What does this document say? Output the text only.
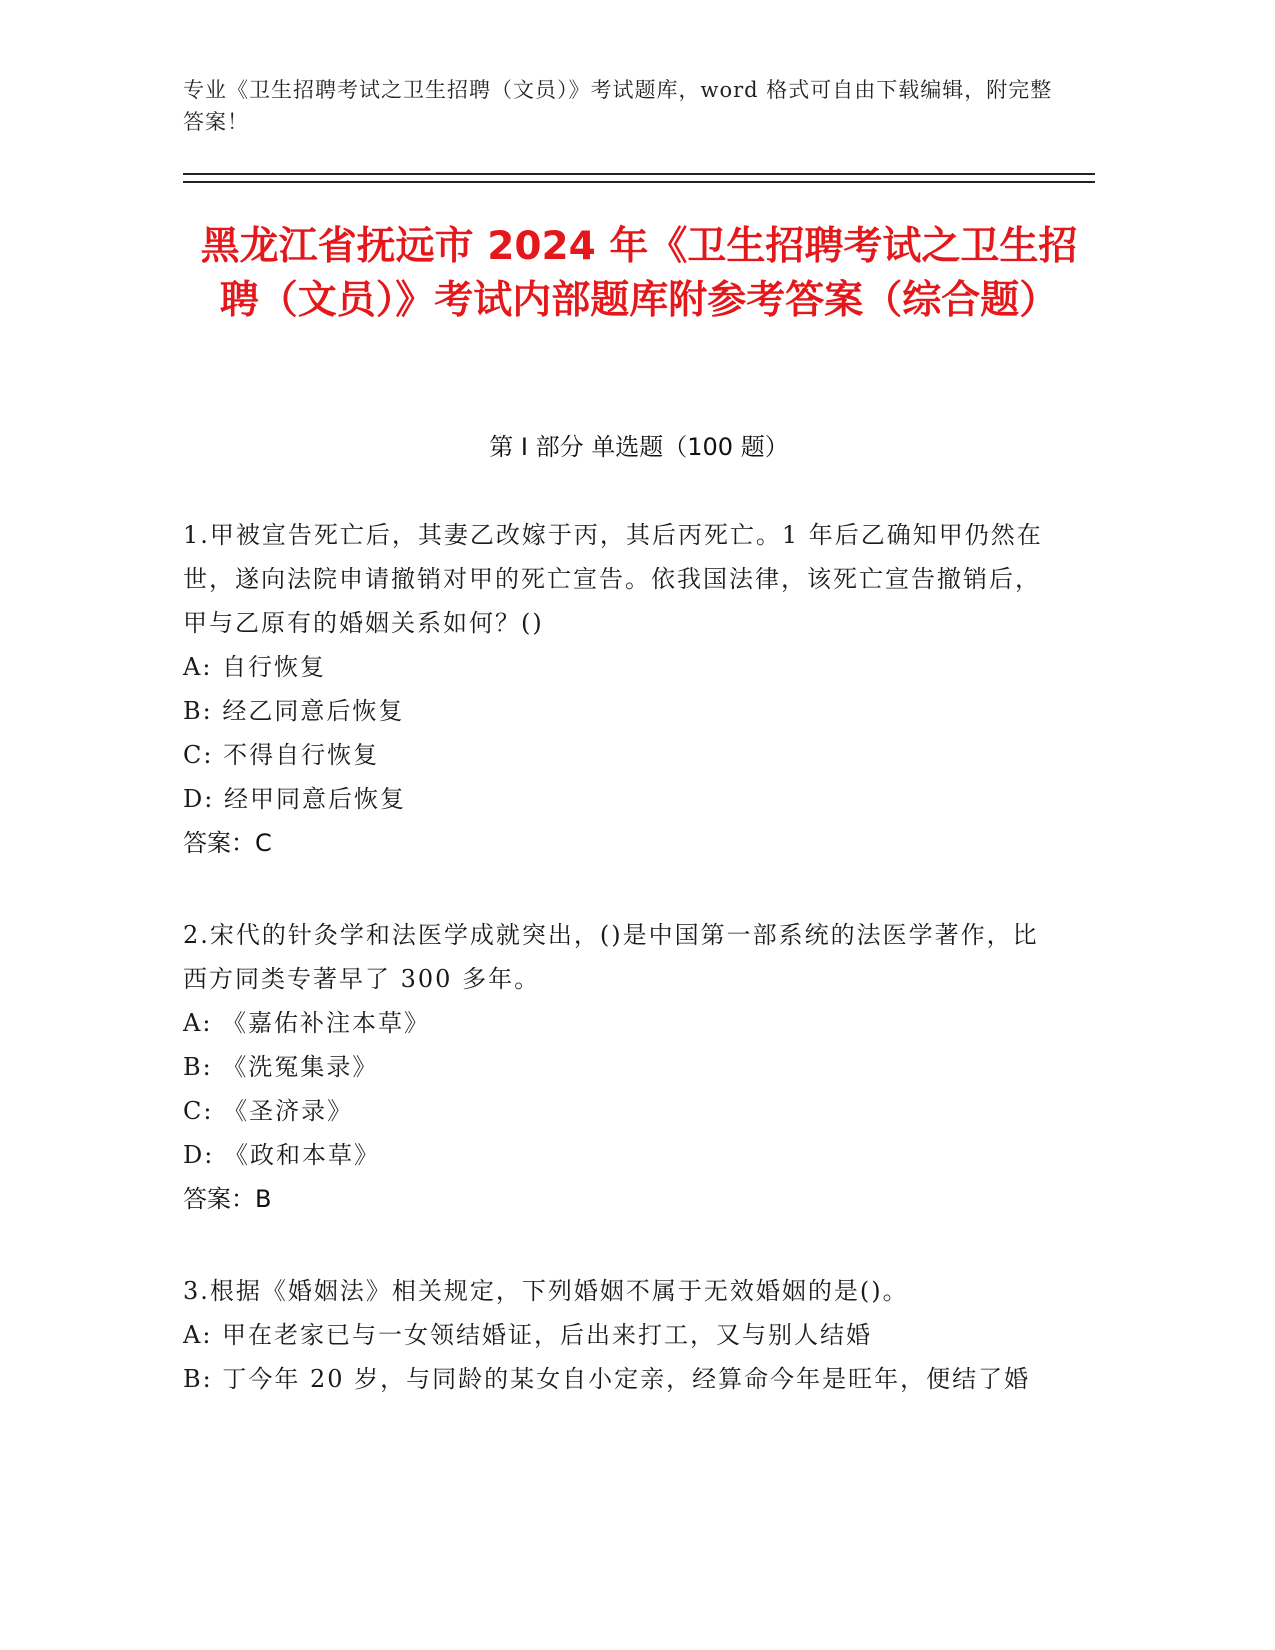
专业《卫生招聘考试之卫生招聘（文员）》考试题库，word 格式可自由下载编辑，附完整答案！
黑龙江省抚远市 2024 年《卫生招聘考试之卫生招聘（文员）》考试内部题库附参考答案（综合题）
第 I 部分 单选题（100 题）
1.甲被宣告死亡后，其妻乙改嫁于丙，其后丙死亡。1 年后乙确知甲仍然在世，遂向法院申请撤销对甲的死亡宣告。依我国法律，该死亡宣告撤销后，甲与乙原有的婚姻关系如何？()
A: 自行恢复
B: 经乙同意后恢复
C: 不得自行恢复
D: 经甲同意后恢复
答案：C
2.宋代的针灸学和法医学成就突出，()是中国第一部系统的法医学著作，比西方同类专著早了 300 多年。
A: 《嘉佑补注本草》
B: 《洗冤集录》
C: 《圣济录》
D: 《政和本草》
答案：B
3.根据《婚姻法》相关规定，下列婚姻不属于无效婚姻的是()。
A: 甲在老家已与一女领结婚证，后出来打工，又与别人结婚
B: 丁今年 20 岁，与同龄的某女自小定亲，经算命今年是旺年，便结了婚
